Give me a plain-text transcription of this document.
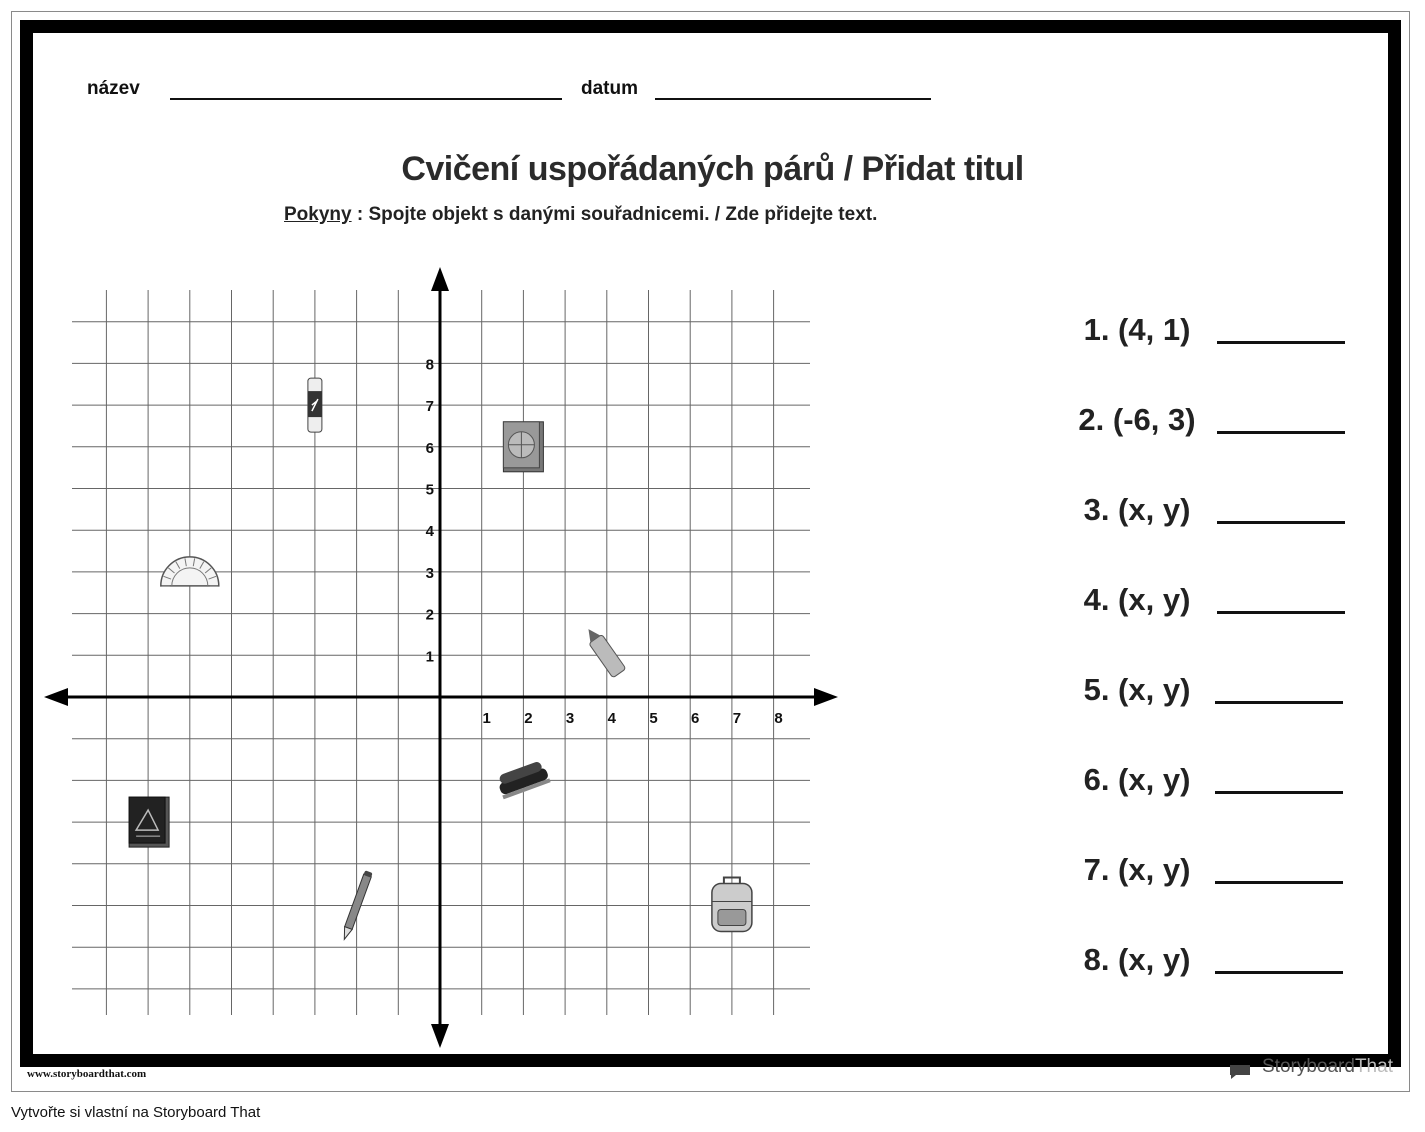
název	datum
Cvičení uspořádaných párů / Přidat titul
Pokyny : Spojte objekt s danými souřadnicemi. / Zde přidejte text.
8
7
6
5
4
3
2
1
1 2 3 4 5 6 7 8
1. (4, 1)
2. (-6, 3)
3. (x, y)
4. (x, y)
5. (x, y)
6. (x, y)
7. (x, y)
8. (x, y)
www.storyboardthat.com	StoryboardThat
Vytvořte si vlastní na Storyboard That
